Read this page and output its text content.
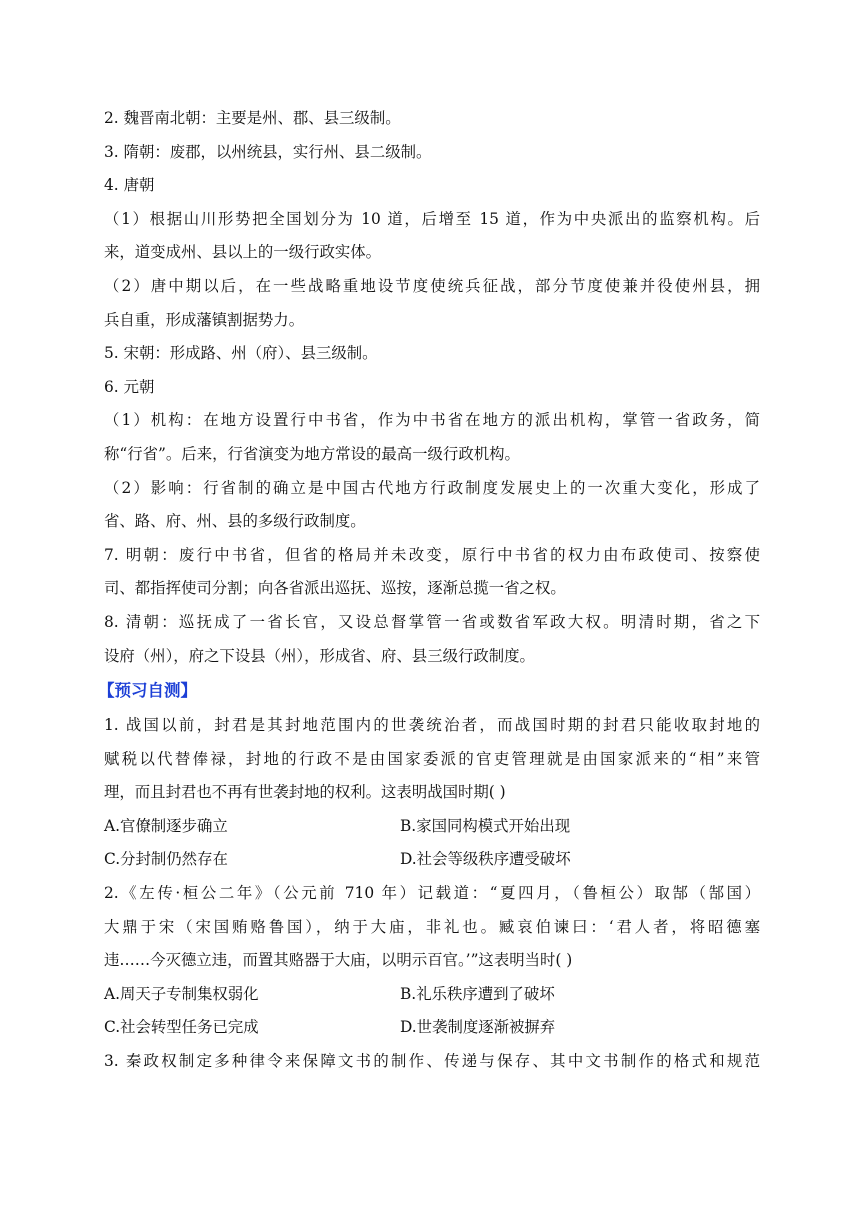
2. 魏晋南北朝：主要是州、郡、县三级制。
3. 隋朝：废郡，以州统县，实行州、县二级制。
4. 唐朝
（1）根据山川形势把全国划分为 10 道，后增至 15 道，作为中央派出的监察机构。后
来，道变成州、县以上的一级行政实体。
（2）唐中期以后，在一些战略重地设节度使统兵征战，部分节度使兼并役使州县，拥
兵自重，形成藩镇割据势力。
5. 宋朝：形成路、州（府）、县三级制。
6. 元朝
（1）机构：在地方设置行中书省，作为中书省在地方的派出机构，掌管一省政务，简
称“行省”。后来，行省演变为地方常设的最高一级行政机构。
（2）影响：行省制的确立是中国古代地方行政制度发展史上的一次重大变化，形成了
省、路、府、州、县的多级行政制度。
7. 明朝：废行中书省，但省的格局并未改变，原行中书省的权力由布政使司、按察使
司、都指挥使司分割；向各省派出巡抚、巡按，逐渐总揽一省之权。
8. 清朝：巡抚成了一省长官，又设总督掌管一省或数省军政大权。明清时期，省之下
设府（州），府之下设县（州），形成省、府、县三级行政制度。
【预习自测】
1. 战国以前，封君是其封地范围内的世袭统治者，而战国时期的封君只能收取封地的
赋税以代替俸禄，封地的行政不是由国家委派的官吏管理就是由国家派来的“相”来管
理，而且封君也不再有世袭封地的权利。这表明战国时期( )
A.官僚制逐步确立	B.家国同构模式开始出现
C.分封制仍然存在	D.社会等级秩序遭受破坏
2.《左传·桓公二年》（公元前 710 年）记载道：“夏四月，（鲁桓公）取郜（郜国）
大鼎于宋（宋国贿赂鲁国），纳于大庙，非礼也。臧哀伯谏曰：‘君人者，将昭德塞
违……今灭德立违，而置其赂器于大庙，以明示百官。’”这表明当时( )
A.周天子专制集权弱化	B.礼乐秩序遭到了破坏
C.社会转型任务已完成	D.世袭制度逐渐被摒弃
3. 秦政权制定多种律令来保障文书的制作、传递与保存、其中文书制作的格式和规范
